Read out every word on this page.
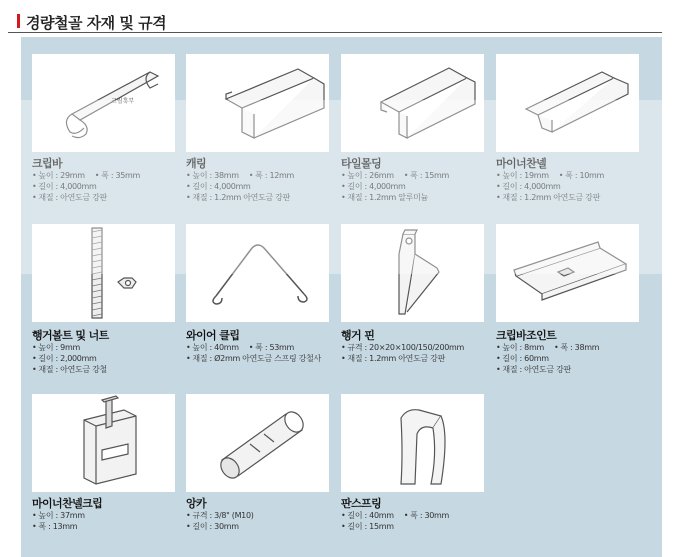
경량철골 자재 및 규격
크립훅부
크립바
• 높이 : 29mm • 폭 : 35mm
• 길이 : 4,000mm
• 재질 : 아연도금 강판
캐링
• 높이 : 38mm • 폭 : 12mm
• 길이 : 4,000mm
• 재질 : 1.2mm 아연도금 강판
타일몰딩
• 높이 : 26mm • 폭 : 15mm
• 길이 : 4,000mm
• 재질 : 1.2mm 알루미늄
마이너찬넬
• 높이 : 19mm • 폭 : 10mm
• 길이 : 4,000mm
• 재질 : 1.2mm 아연도금 강판
행거볼트 및 너트
• 높이 : 9mm
• 길이 : 2,000mm
• 재질 : 아연도금 강철
와이어 클립
• 높이 : 40mm • 폭 : 53mm
• 재질 : Ø2mm 아연도금 스프링 강철사
행거 핀
• 규격 : 20×20×100/150/200mm
• 재질 : 1.2mm 아연도금 강판
크립바조인트
• 높이 : 8mm • 폭 : 38mm
• 길이 : 60mm
• 재질 : 아연도금 강판
마이너찬넬크립
• 높이 : 37mm
• 폭 : 13mm
앙카
• 규격 : 3/8" (M10)
• 길이 : 30mm
판스프링
• 길이 : 40mm • 폭 : 30mm
• 길이 : 15mm
